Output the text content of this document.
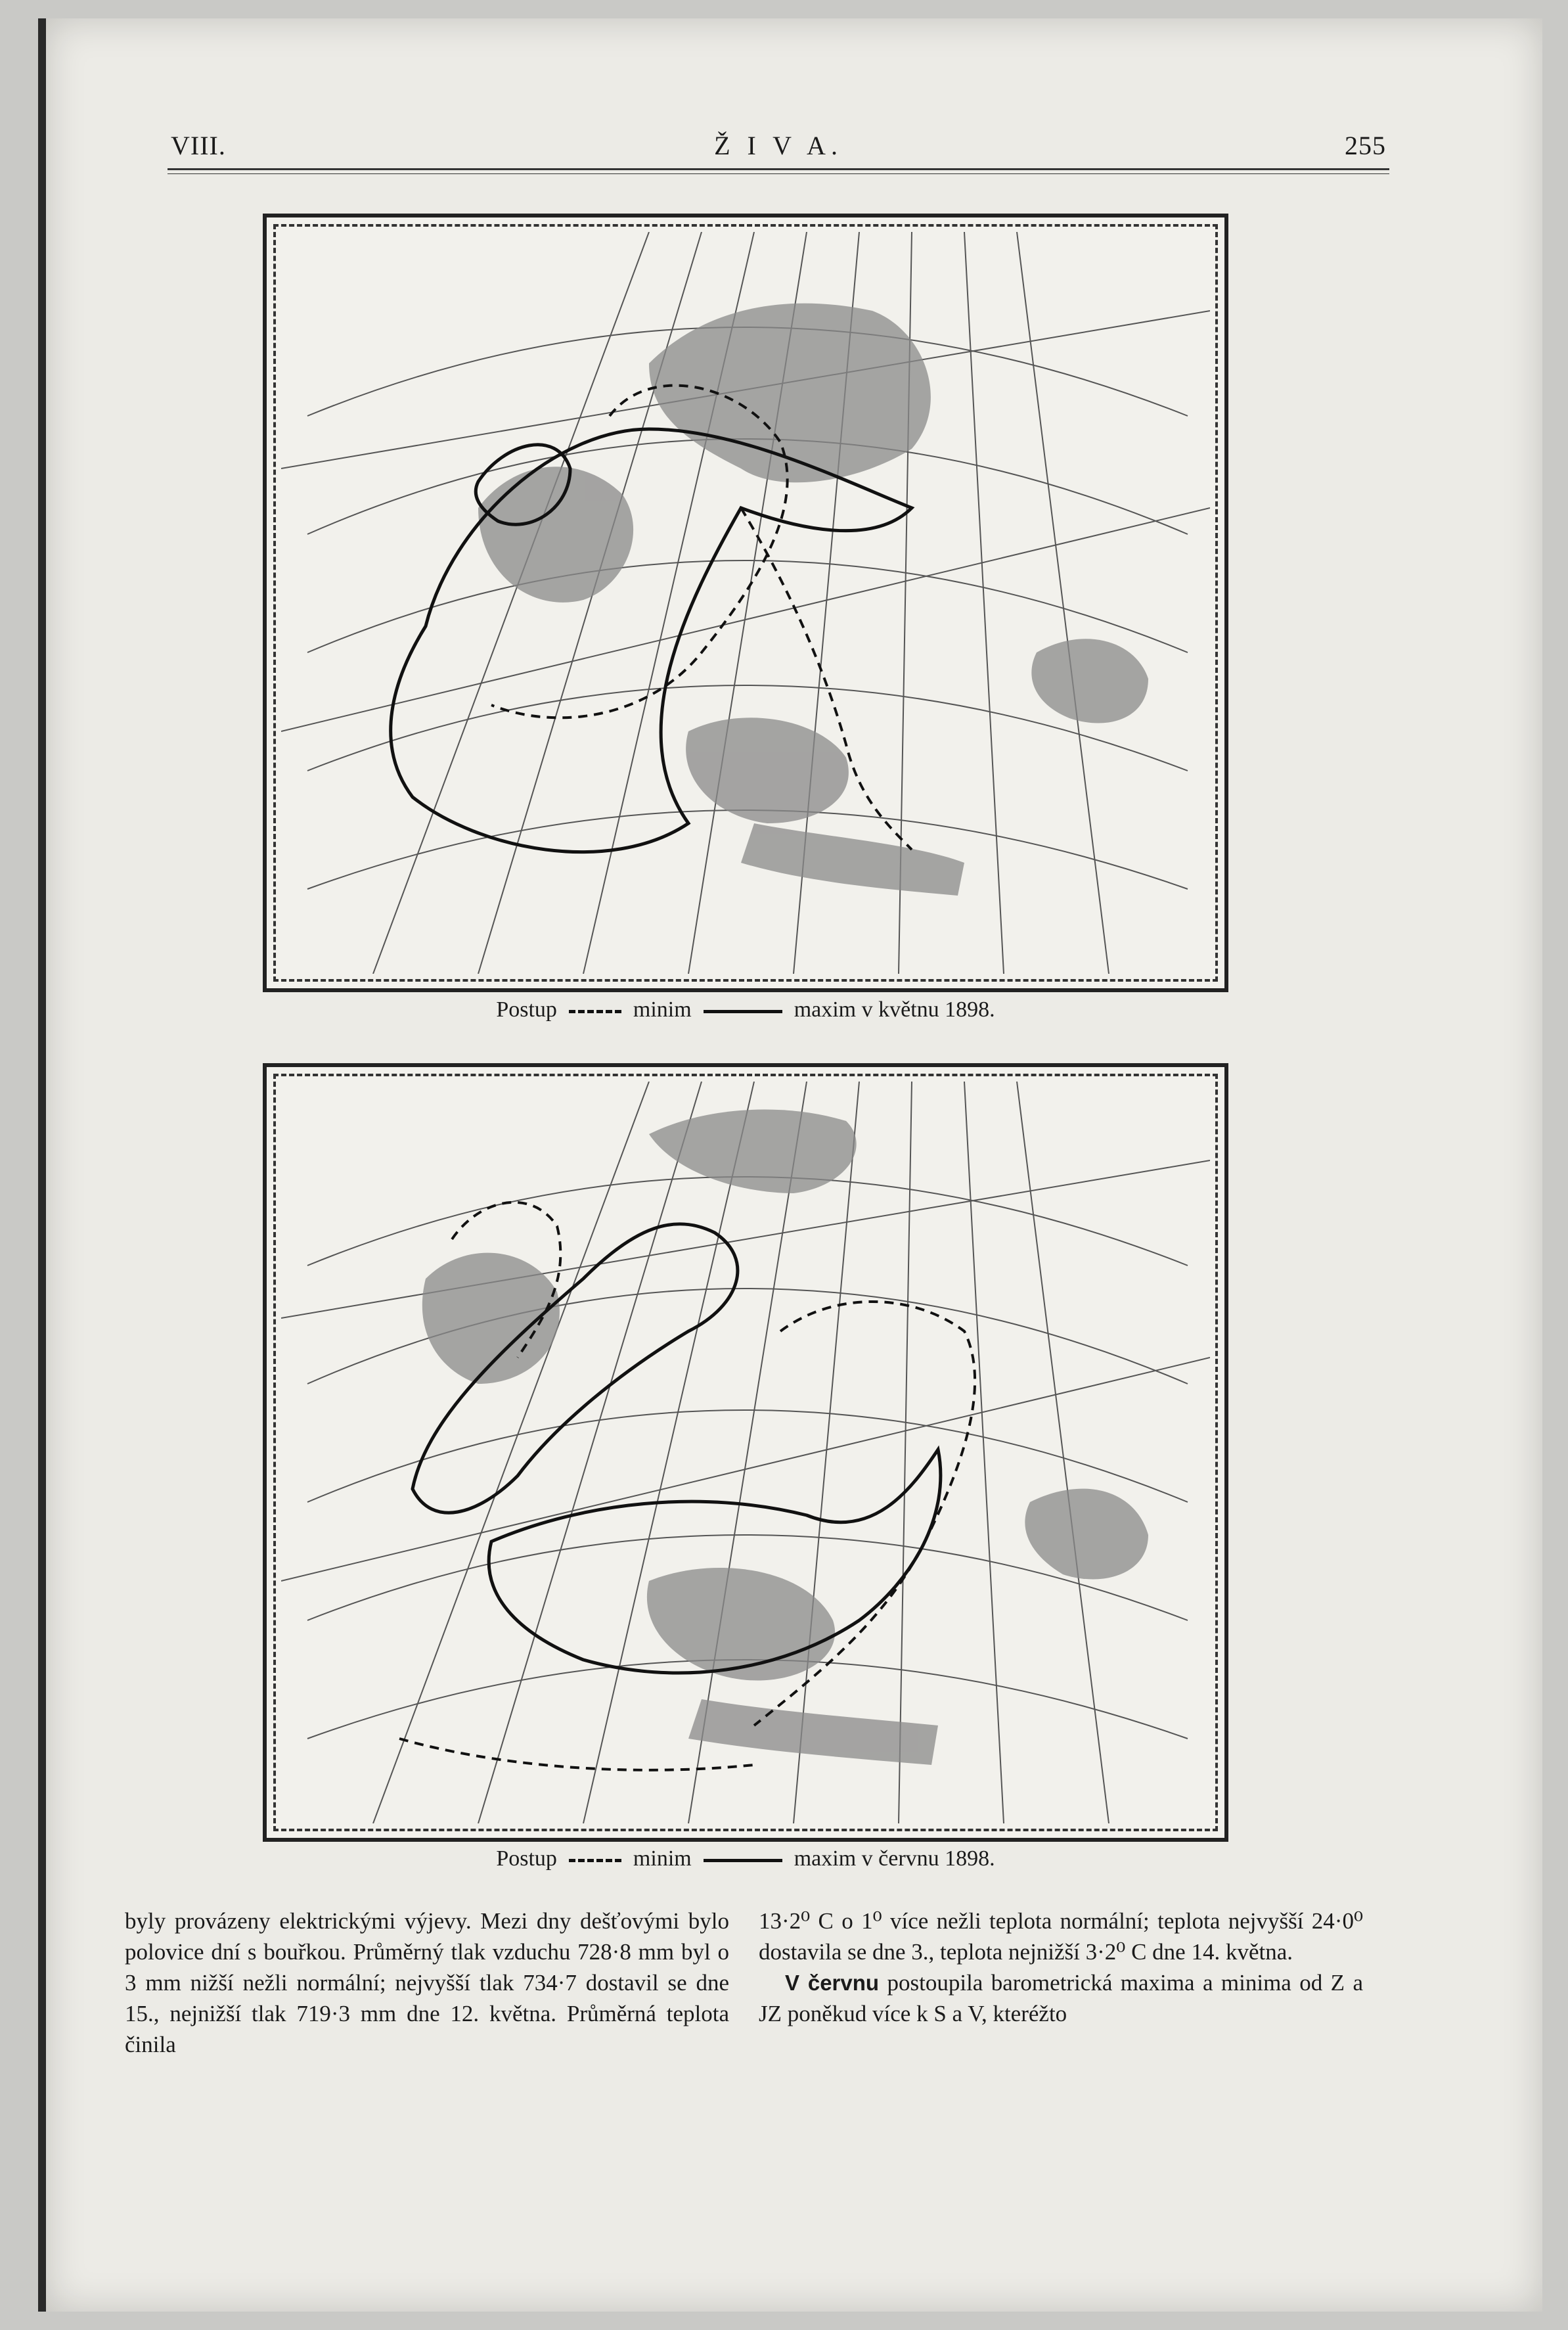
VIII.	Ž I V A.	255
Postup	minim	maxim v květnu 1898.
Postup	minim	maxim v červnu 1898.

byly provázeny elektrickými výjevy. Mezi dny dešťovými bylo polovice dní s bouřkou. Průměrný tlak vzduchu 728·8 mm byl o 3 mm nižší nežli normální; nejvyšší tlak 734·7 dostavil se dne 15., nejnižší tlak 719·3 mm dne 12. května. Průměrná teplota činila

13·2⁰ C o 1⁰ více nežli teplota normální; teplota nejvyšší 24·0⁰ dostavila se dne 3., teplota nejnižší 3·2⁰ C dne 14. května.

V červnu postoupila barometrická maxima a minima od Z a JZ poněkud více k S a V, kteréžto
